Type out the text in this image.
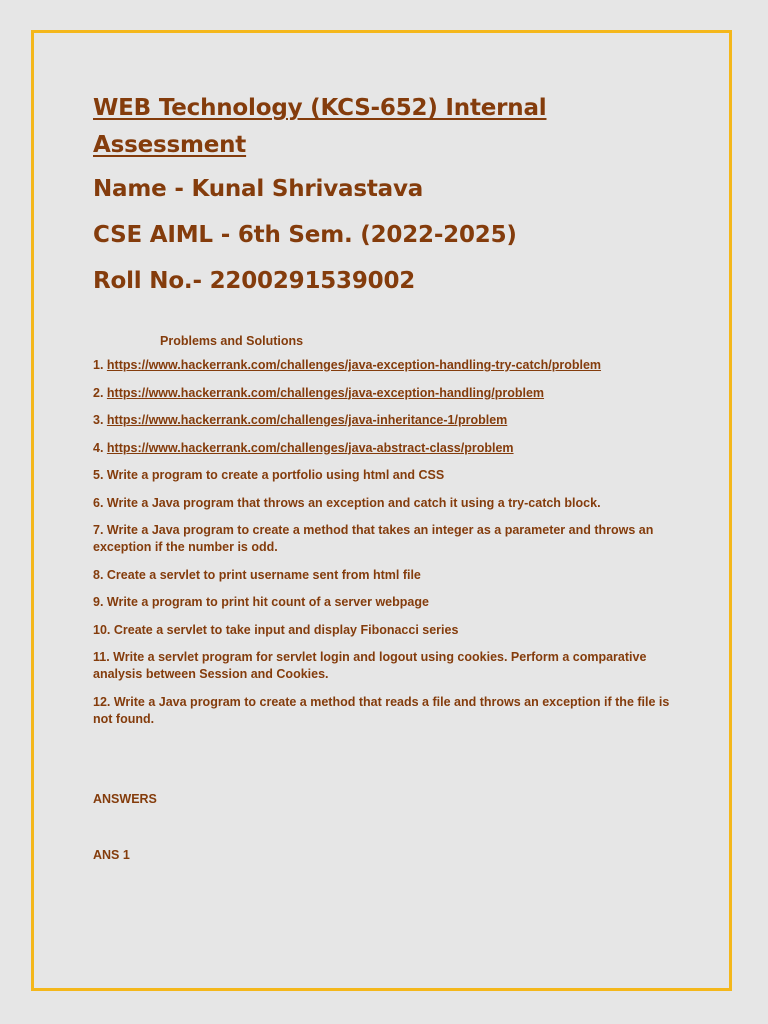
WEB Technology (KCS-652) Internal Assessment
Name - Kunal Shrivastava
CSE AIML - 6th Sem. (2022-2025)
Roll No.- 2200291539002
Problems and Solutions
1. https://www.hackerrank.com/challenges/java-exception-handling-try-catch/problem
2. https://www.hackerrank.com/challenges/java-exception-handling/problem
3. https://www.hackerrank.com/challenges/java-inheritance-1/problem
4. https://www.hackerrank.com/challenges/java-abstract-class/problem
5. Write a program to create a portfolio using html and CSS
6. Write a Java program that throws an exception and catch it using a try-catch block.
7. Write a Java program to create a method that takes an integer as a parameter and throws an exception if the number is odd.
8. Create a servlet to print username sent from html file
9. Write a program to print hit count of a server webpage
10. Create a servlet to take input and display Fibonacci series
11. Write a servlet program for servlet login and logout using cookies. Perform a comparative analysis between Session and Cookies.
12. Write a Java program to create a method that reads a file and throws an exception if the file is not found.
ANSWERS
ANS 1
